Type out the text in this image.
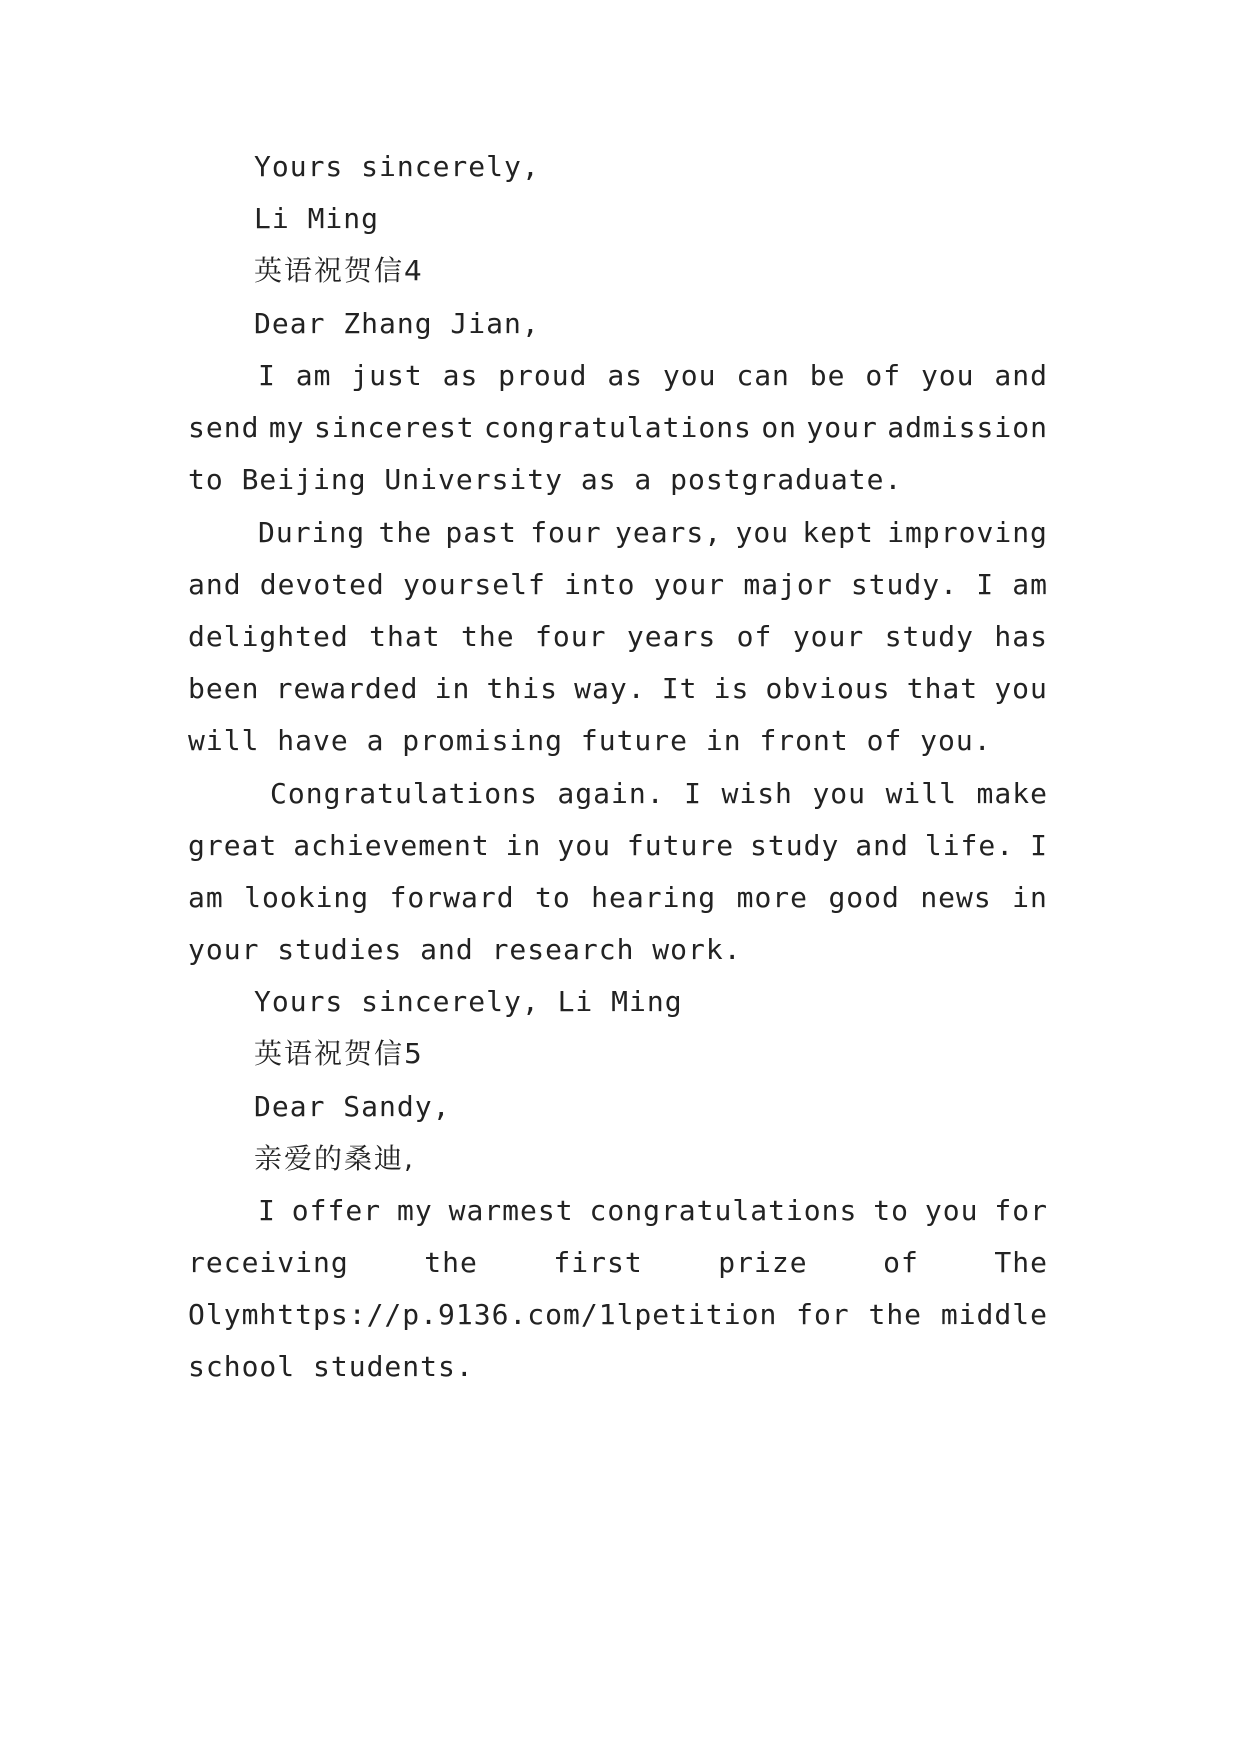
Yours sincerely,
Li Ming
英语祝贺信4
Dear Zhang Jian,
I am just as proud as you can be of you and
send my sincerest congratulations on your admission
to Beijing University as a postgraduate.
During the past four years, you kept improving
and devoted yourself into your major study. I am
delighted that the four years of your study has
been rewarded in this way. It is obvious that you
will have a promising future in front of you.
Congratulations again. I wish you will make
great achievement in you future study and life. I
am looking forward to hearing more good news in
your studies and research work.
Yours sincerely, Li Ming
英语祝贺信5
Dear Sandy,
亲爱的桑迪,
I offer my warmest congratulations to you for
receiving	the	first	prize	of	The
Olymhttps://p.9136.com/1lpetition for the middle
school students.
